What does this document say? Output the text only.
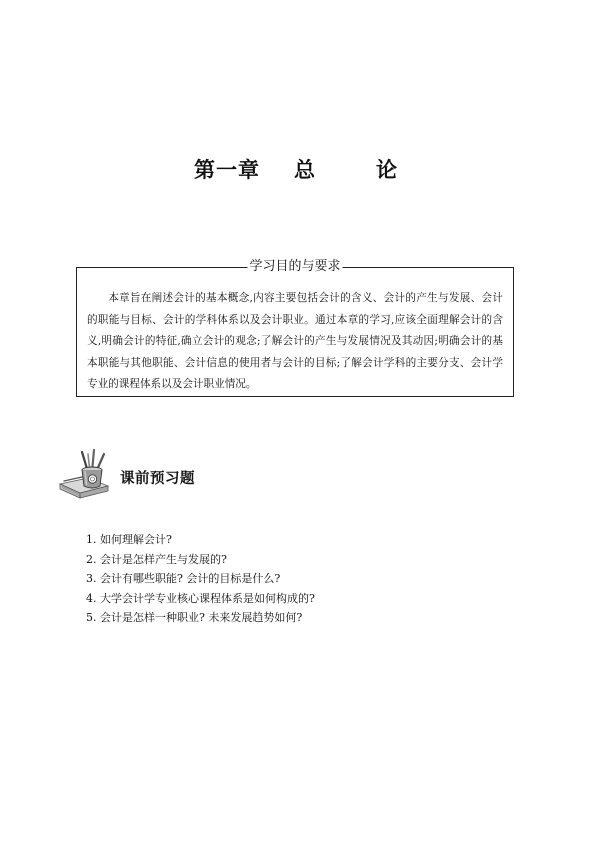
第一章 总	论
学习目的与要求

本章旨在阐述会计的基本概念,内容主要包括会计的含义、会计的产生与发展、会计的职能与目标、会计的学科体系以及会计职业。通过本章的学习,应该全面理解会计的含义,明确会计的特征,确立会计的观念;了解会计的产生与发展情况及其动因;明确会计的基本职能与其他职能、会计信息的使用者与会计的目标;了解会计学科的主要分支、会计学专业的课程体系以及会计职业情况。

课前预习题
1. 如何理解会计?
2. 会计是怎样产生与发展的?
3. 会计有哪些职能? 会计的目标是什么?
4. 大学会计学专业核心课程体系是如何构成的?
5. 会计是怎样一种职业? 未来发展趋势如何?
